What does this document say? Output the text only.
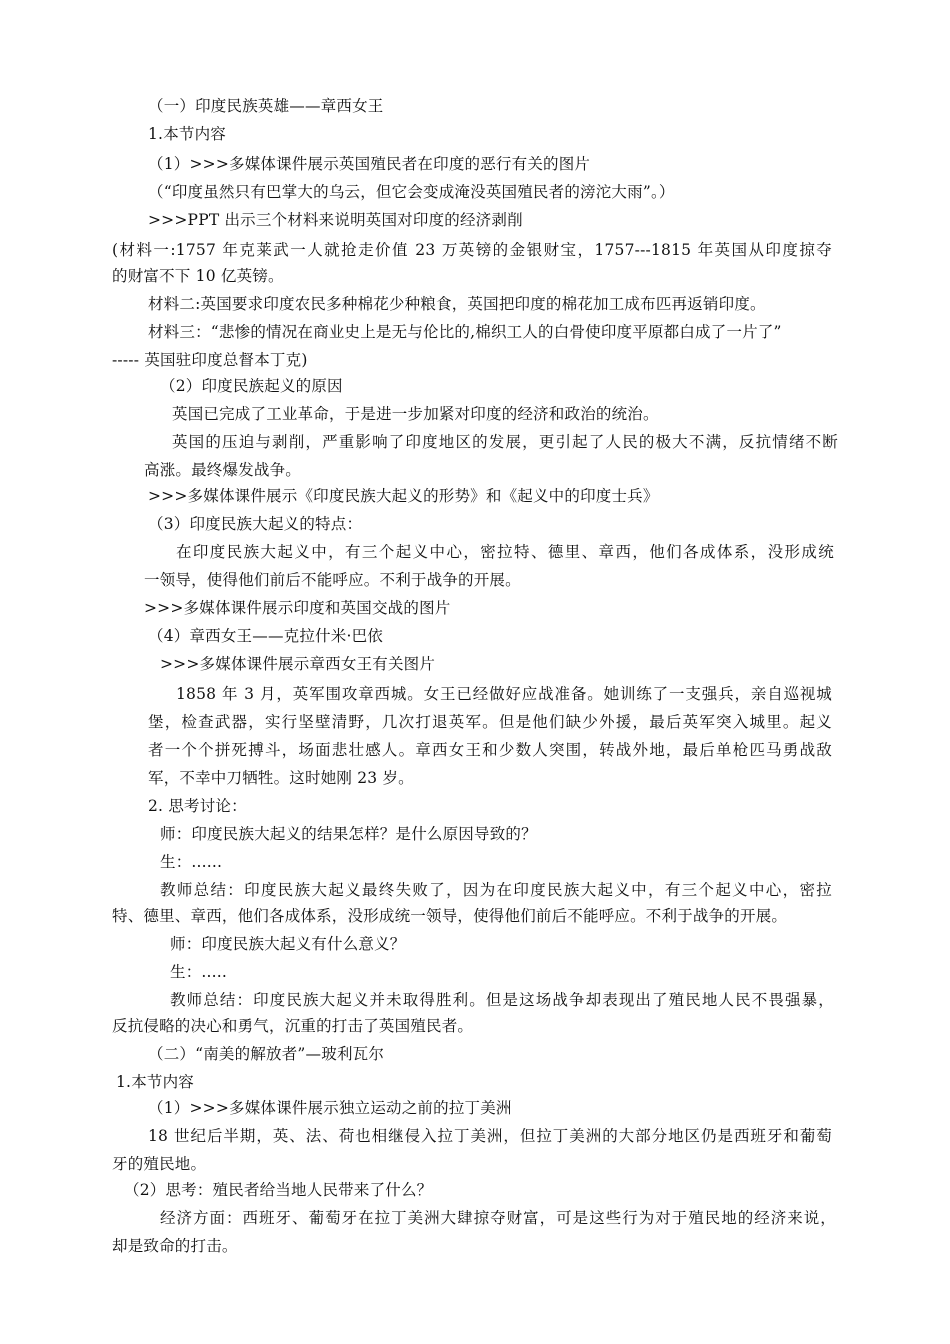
（一）印度民族英雄——章西女王
1.本节内容
（1）>>>多媒体课件展示英国殖民者在印度的恶行有关的图片
（“印度虽然只有巴掌大的乌云，但它会变成淹没英国殖民者的滂沱大雨”。）
>>>PPT 出示三个材料来说明英国对印度的经济剥削
(材料一:1757 年克莱武一人就抢走价值 23 万英镑的金银财宝，1757---1815 年英国从印度掠夺
的财富不下 10 亿英镑。
材料二:英国要求印度农民多种棉花少种粮食，英国把印度的棉花加工成布匹再返销印度。
材料三：“悲惨的情况在商业史上是无与伦比的,棉织工人的白骨使印度平原都白成了一片了”
----- 英国驻印度总督本丁克)
（2）印度民族起义的原因
英国已完成了工业革命，于是进一步加紧对印度的经济和政治的统治。
英国的压迫与剥削，严重影响了印度地区的发展，更引起了人民的极大不满，反抗情绪不断
高涨。最终爆发战争。
>>>多媒体课件展示《印度民族大起义的形势》和《起义中的印度士兵》
（3）印度民族大起义的特点：
在印度民族大起义中，有三个起义中心，密拉特、德里、章西，他们各成体系，没形成统
一领导，使得他们前后不能呼应。不利于战争的开展。
>>>多媒体课件展示印度和英国交战的图片
（4）章西女王——克拉什米·巴依
>>>多媒体课件展示章西女王有关图片
1858 年 3 月，英军围攻章西城。女王已经做好应战准备。她训练了一支强兵，亲自巡视城
堡，检查武器，实行坚壁清野，几次打退英军。但是他们缺少外援，最后英军突入城里。起义
者一个个拼死搏斗，场面悲壮感人。章西女王和少数人突围，转战外地，最后单枪匹马勇战敌
军，不幸中刀牺牲。这时她刚 23 岁。
2. 思考讨论：
师：印度民族大起义的结果怎样？是什么原因导致的？
生：......
教师总结：印度民族大起义最终失败了，因为在印度民族大起义中，有三个起义中心，密拉
特、德里、章西，他们各成体系，没形成统一领导，使得他们前后不能呼应。不利于战争的开展。
师：印度民族大起义有什么意义？
生：.....
教师总结：印度民族大起义并未取得胜利。但是这场战争却表现出了殖民地人民不畏强暴，
反抗侵略的决心和勇气，沉重的打击了英国殖民者。
（二）“南美的解放者”—玻利瓦尔
1.本节内容
（1）>>>多媒体课件展示独立运动之前的拉丁美洲
18 世纪后半期，英、法、荷也相继侵入拉丁美洲，但拉丁美洲的大部分地区仍是西班牙和葡萄
牙的殖民地。
（2）思考：殖民者给当地人民带来了什么？
经济方面：西班牙、葡萄牙在拉丁美洲大肆掠夺财富，可是这些行为对于殖民地的经济来说，
却是致命的打击。
